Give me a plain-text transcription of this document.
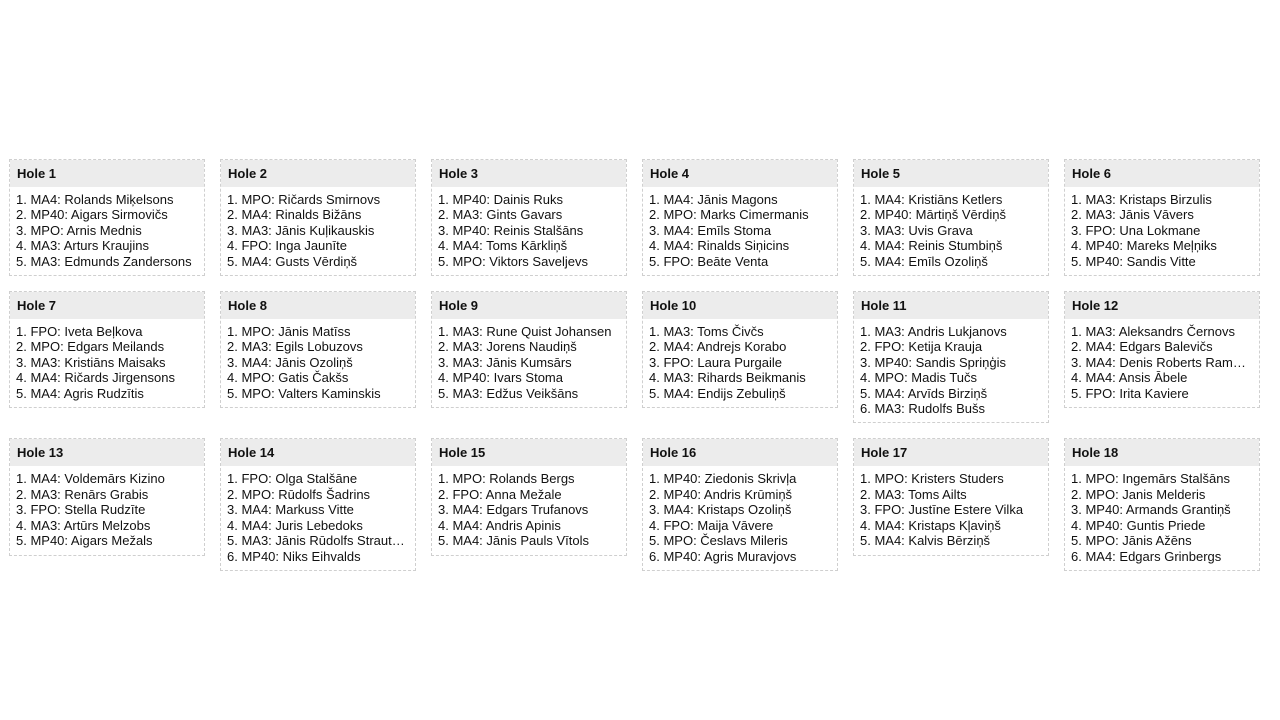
Hole 1
1. MA4: Rolands Miķelsons
2. MP40: Aigars Sirmovičs
3. MPO: Arnis Mednis
4. MA3: Arturs Kraujins
5. MA3: Edmunds Zandersons
Hole 2
1. MPO: Ričards Smirnovs
2. MA4: Rinalds Bižāns
3. MA3: Jānis Kuļikauskis
4. FPO: Inga Jaunīte
5. MA4: Gusts Vērdiņš
Hole 3
1. MP40: Dainis Ruks
2. MA3: Gints Gavars
3. MP40: Reinis Stalšāns
4. MA4: Toms Kārkliņš
5. MPO: Viktors Saveljevs
Hole 4
1. MA4: Jānis Magons
2. MPO: Marks Cimermanis
3. MA4: Emīls Stoma
4. MA4: Rinalds Siņicins
5. FPO: Beāte Venta
Hole 5
1. MA4: Kristiāns Ketlers
2. MP40: Mārtiņš Vērdiņš
3. MA3: Uvis Grava
4. MA4: Reinis Stumbiņš
5. MA4: Emīls Ozoliņš
Hole 6
1. MA3: Kristaps Birzulis
2. MA3: Jānis Vāvers
3. FPO: Una Lokmane
4. MP40: Mareks Meļņiks
5. MP40: Sandis Vitte
Hole 7
1. FPO: Iveta Beļkova
2. MPO: Edgars Meilands
3. MA3: Kristiāns Maisaks
4. MA4: Ričards Jirgensons
5. MA4: Agris Rudzītis
Hole 8
1. MPO: Jānis Matīss
2. MA3: Egils Lobuzovs
3. MA4: Jānis Ozoliņš
4. MPO: Gatis Čakšs
5. MPO: Valters Kaminskis
Hole 9
1. MA3: Rune Quist Johansen
2. MA3: Jorens Naudiņš
3. MA3: Jānis Kumsārs
4. MP40: Ivars Stoma
5. MA3: Edžus Veikšāns
Hole 10
1. MA3: Toms Čivčs
2. MA4: Andrejs Korabo
3. FPO: Laura Purgaile
4. MA3: Rihards Beikmanis
5. MA4: Endijs Zebuliņš
Hole 11
1. MA3: Andris Lukjanovs
2. FPO: Ketija Krauja
3. MP40: Sandis Spriņģis
4. MPO: Madis Tučs
5. MA4: Arvīds Birziņš
6. MA3: Rudolfs Bušs
Hole 12
1. MA3: Aleksandrs Černovs
2. MA4: Edgars Balevičs
3. MA4: Denis Roberts Ram…
4. MA4: Ansis Ābele
5. FPO: Irita Kaviere
Hole 13
1. MA4: Voldemārs Kizino
2. MA3: Renārs Grabis
3. FPO: Stella Rudzīte
4. MA3: Artūrs Melzobs
5. MP40: Aigars Mežals
Hole 14
1. FPO: Olga Stalšāne
2. MPO: Rūdolfs Šadrins
3. MA4: Markuss Vitte
4. MA4: Juris Lebedoks
5. MA3: Jānis Rūdolfs Straut…
6. MP40: Niks Eihvalds
Hole 15
1. MPO: Rolands Bergs
2. FPO: Anna Mežale
3. MA4: Edgars Trufanovs
4. MA4: Andris Apinis
5. MA4: Jānis Pauls Vītols
Hole 16
1. MP40: Ziedonis Skrivļa
2. MP40: Andris Krūmiņš
3. MA4: Kristaps Ozoliņš
4. FPO: Maija Vāvere
5. MPO: Česlavs Mileris
6. MP40: Agris Muravjovs
Hole 17
1. MPO: Kristers Studers
2. MA3: Toms Ailts
3. FPO: Justīne Estere Vilka
4. MA4: Kristaps Kļaviņš
5. MA4: Kalvis Bērziņš
Hole 18
1. MPO: Ingemārs Stalšāns
2. MPO: Janis Melderis
3. MP40: Armands Grantiņš
4. MP40: Guntis Priede
5. MPO: Jānis Ažēns
6. MA4: Edgars Grinbergs
